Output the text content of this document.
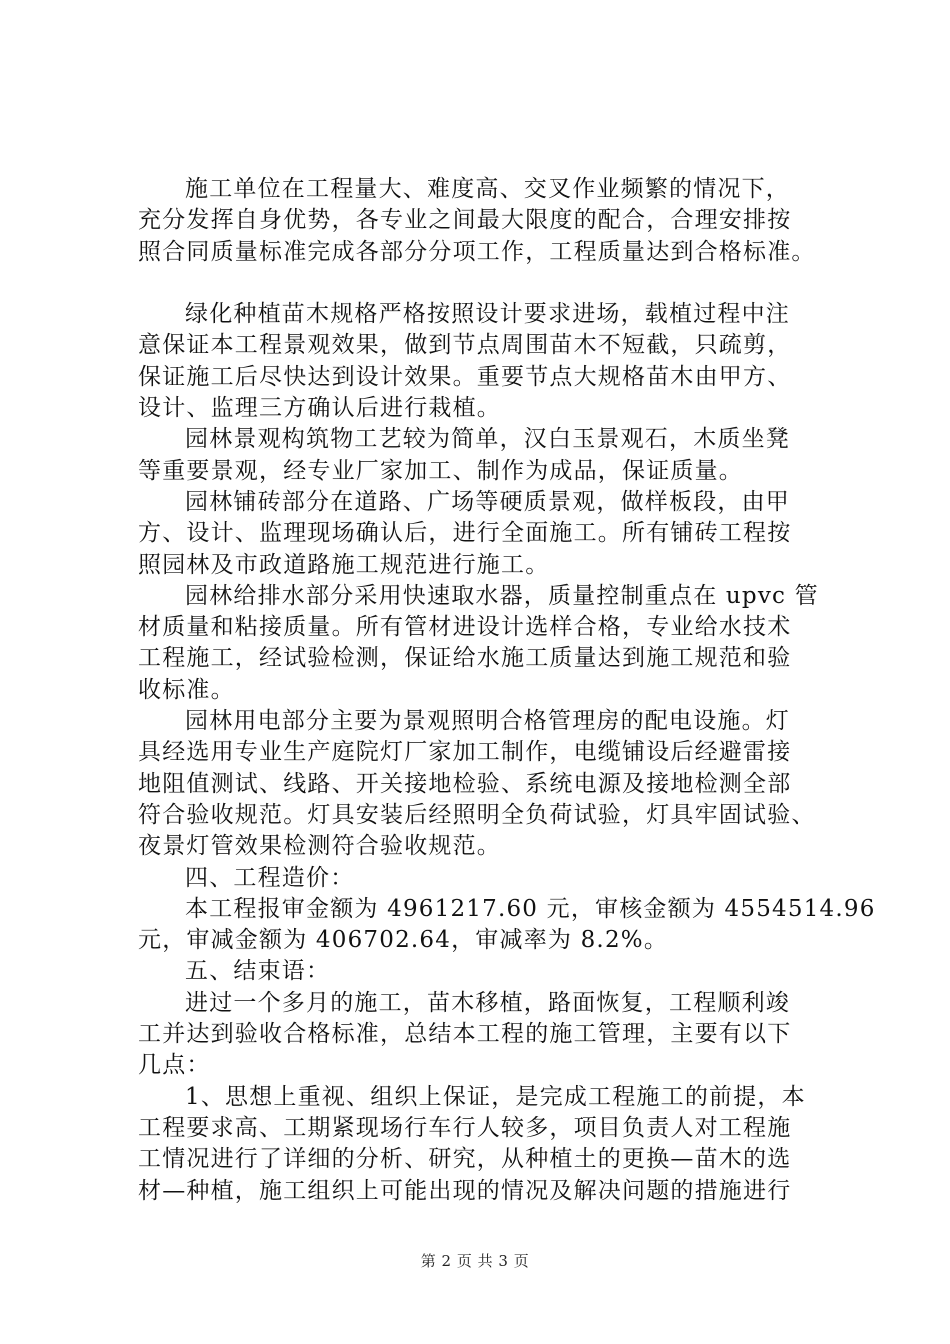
施工单位在工程量大、难度高、交叉作业频繁的情况下，
充分发挥自身优势，各专业之间最大限度的配合，合理安排按
照合同质量标准完成各部分分项工作，工程质量达到合格标准。
绿化种植苗木规格严格按照设计要求进场，载植过程中注
意保证本工程景观效果，做到节点周围苗木不短截，只疏剪，
保证施工后尽快达到设计效果。重要节点大规格苗木由甲方、
设计、监理三方确认后进行栽植。
园林景观构筑物工艺较为简单，汉白玉景观石，木质坐凳
等重要景观，经专业厂家加工、制作为成品，保证质量。
园林铺砖部分在道路、广场等硬质景观，做样板段，由甲
方、设计、监理现场确认后，进行全面施工。所有铺砖工程按
照园林及市政道路施工规范进行施工。
园林给排水部分采用快速取水器，质量控制重点在 upvc 管
材质量和粘接质量。所有管材进设计选样合格，专业给水技术
工程施工，经试验检测，保证给水施工质量达到施工规范和验
收标准。
园林用电部分主要为景观照明合格管理房的配电设施。灯
具经选用专业生产庭院灯厂家加工制作，电缆铺设后经避雷接
地阻值测试、线路、开关接地检验、系统电源及接地检测全部
符合验收规范。灯具安装后经照明全负荷试验，灯具牢固试验、
夜景灯管效果检测符合验收规范。
四、工程造价：
本工程报审金额为 4961217.60 元，审核金额为 4554514.96
元，审减金额为 406702.64，审减率为 8.2%。
五、结束语：
进过一个多月的施工，苗木移植，路面恢复，工程顺利竣
工并达到验收合格标准，总结本工程的施工管理，主要有以下
几点：
1、思想上重视、组织上保证，是完成工程施工的前提，本
工程要求高、工期紧现场行车行人较多，项目负责人对工程施
工情况进行了详细的分析、研究，从种植土的更换—苗木的选
材—种植，施工组织上可能出现的情况及解决问题的措施进行
第 2 页 共 3 页
